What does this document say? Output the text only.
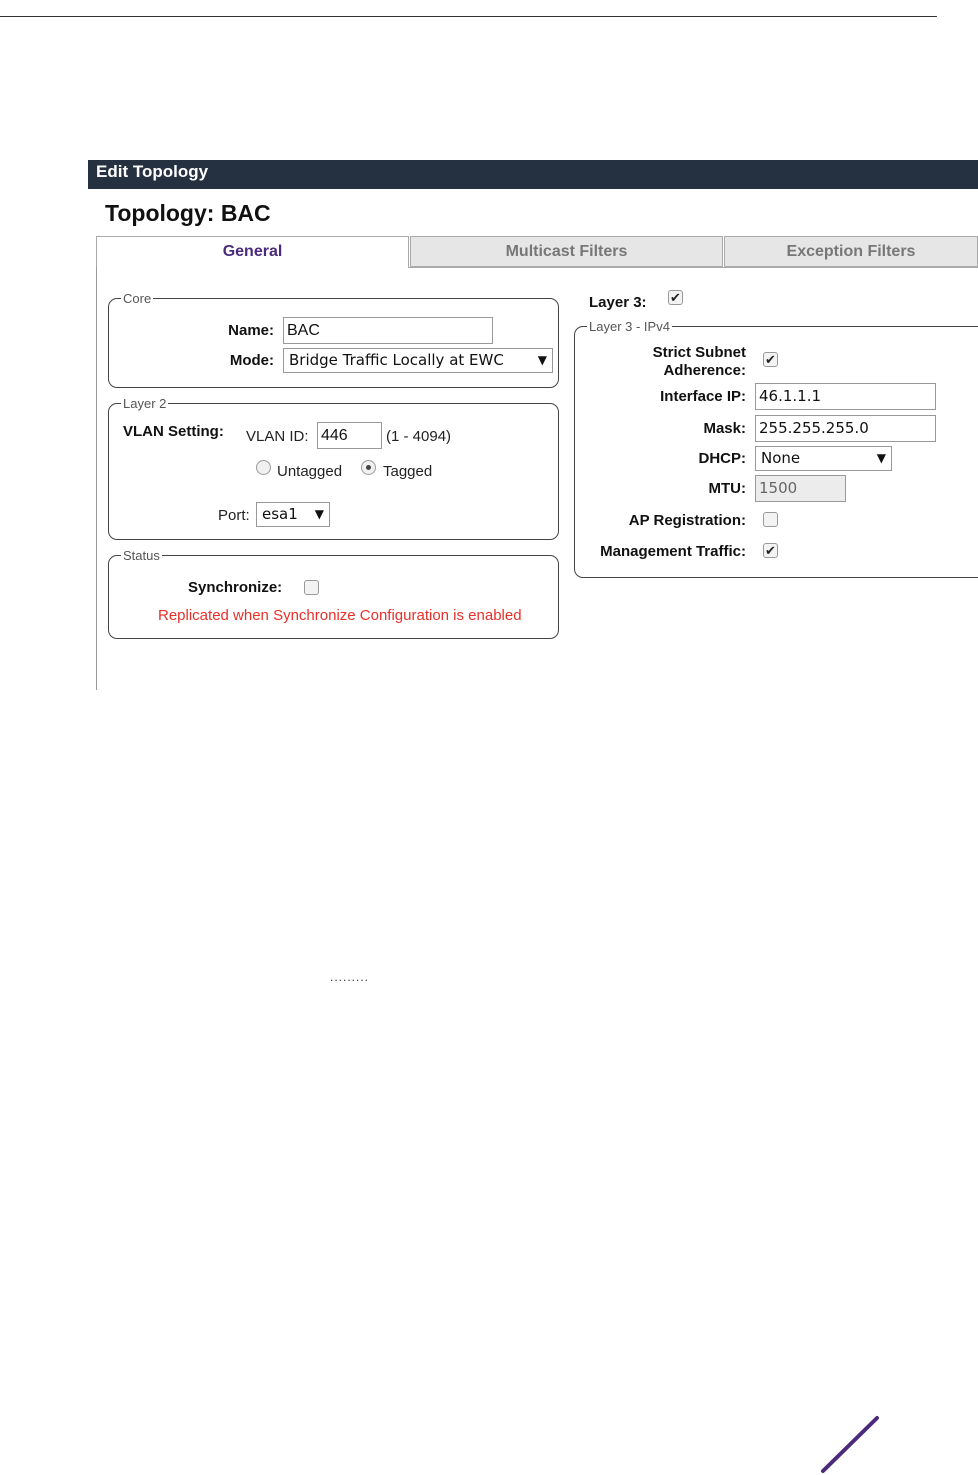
Edit Topology
Topology: BAC
General	Multicast Filters	Exception Filters
Core
Name: BAC
Mode:	Bridge Traffic Locally at EWC	▼
Layer 2
VLAN Setting: VLAN ID: 446	(1 - 4094)
Untagged	Tagged
Port: esa1 ▼
Status
Synchronize:
Replicated when Synchronize Configuration is enabled
Layer 3: ✔
Layer 3 - IPv4
Strict Subnet
Adherence:
✔
Interface IP: 46.1.1.1
Mask: 255.255.255.0
DHCP:	None	▼
MTU: 1500
AP Registration:
Management Traffic: ✔
.........
